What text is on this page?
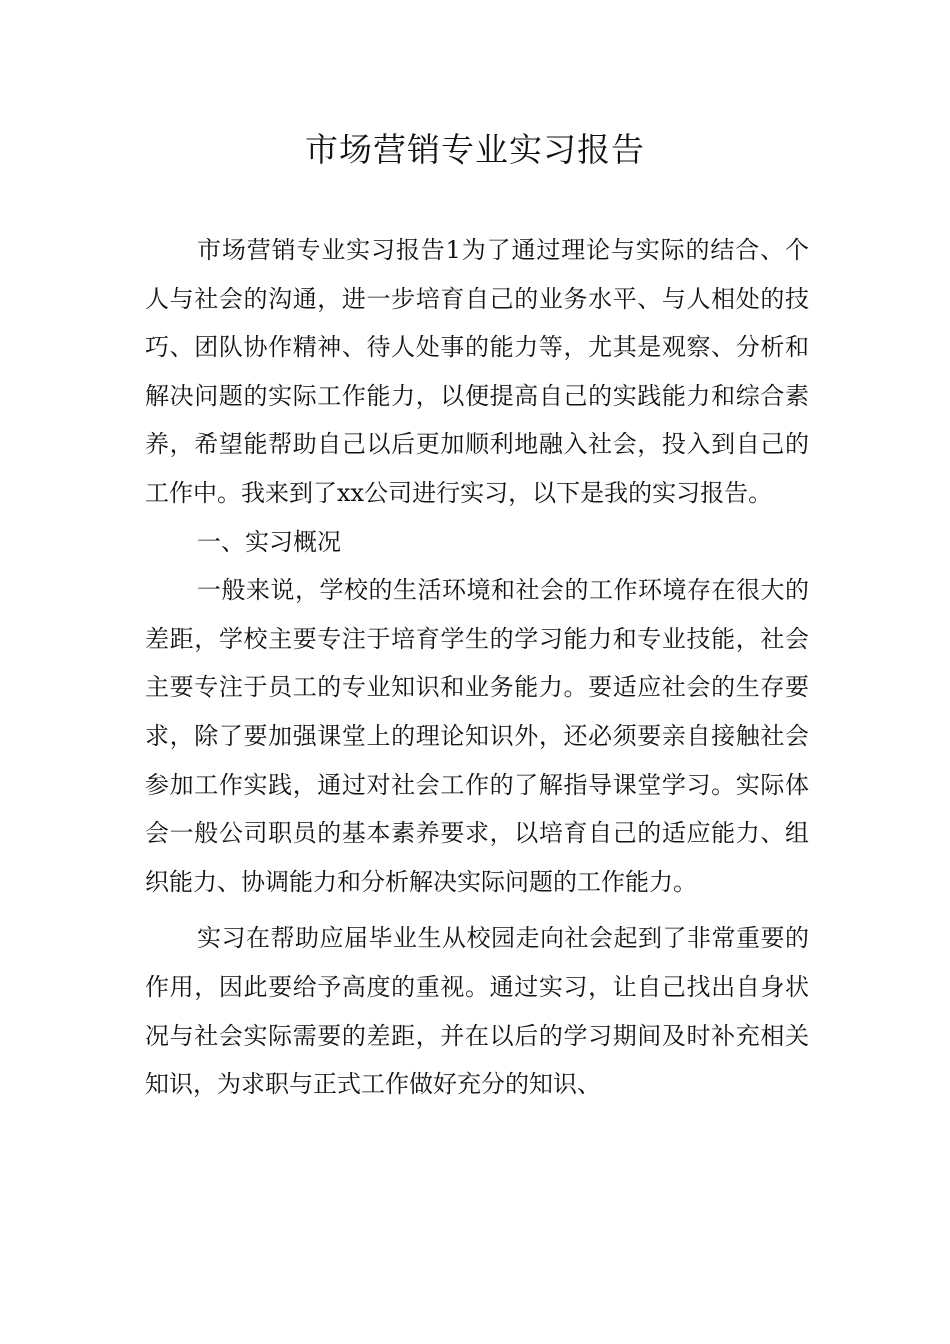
市场营销专业实习报告

市场营销专业实习报告1为了通过理论与实际的结合、个人与社会的沟通，进一步培育自己的业务水平、与人相处的技巧、团队协作精神、待人处事的能力等，尤其是观察、分析和解决问题的实际工作能力，以便提高自己的实践能力和综合素养，希望能帮助自己以后更加顺利地融入社会，投入到自己的工作中。我来到了xx公司进行实习，以下是我的实习报告。

一、实习概况

一般来说，学校的生活环境和社会的工作环境存在很大的差距，学校主要专注于培育学生的学习能力和专业技能，社会主要专注于员工的专业知识和业务能力。要适应社会的生存要求，除了要加强课堂上的理论知识外，还必须要亲自接触社会参加工作实践，通过对社会工作的了解指导课堂学习。实际体会一般公司职员的基本素养要求，以培育自己的适应能力、组织能力、协调能力和分析解决实际问题的工作能力。

实习在帮助应届毕业生从校园走向社会起到了非常重要的作用，因此要给予高度的重视。通过实习，让自己找出自身状况与社会实际需要的差距，并在以后的学习期间及时补充相关知识，为求职与正式工作做好充分的知识、
